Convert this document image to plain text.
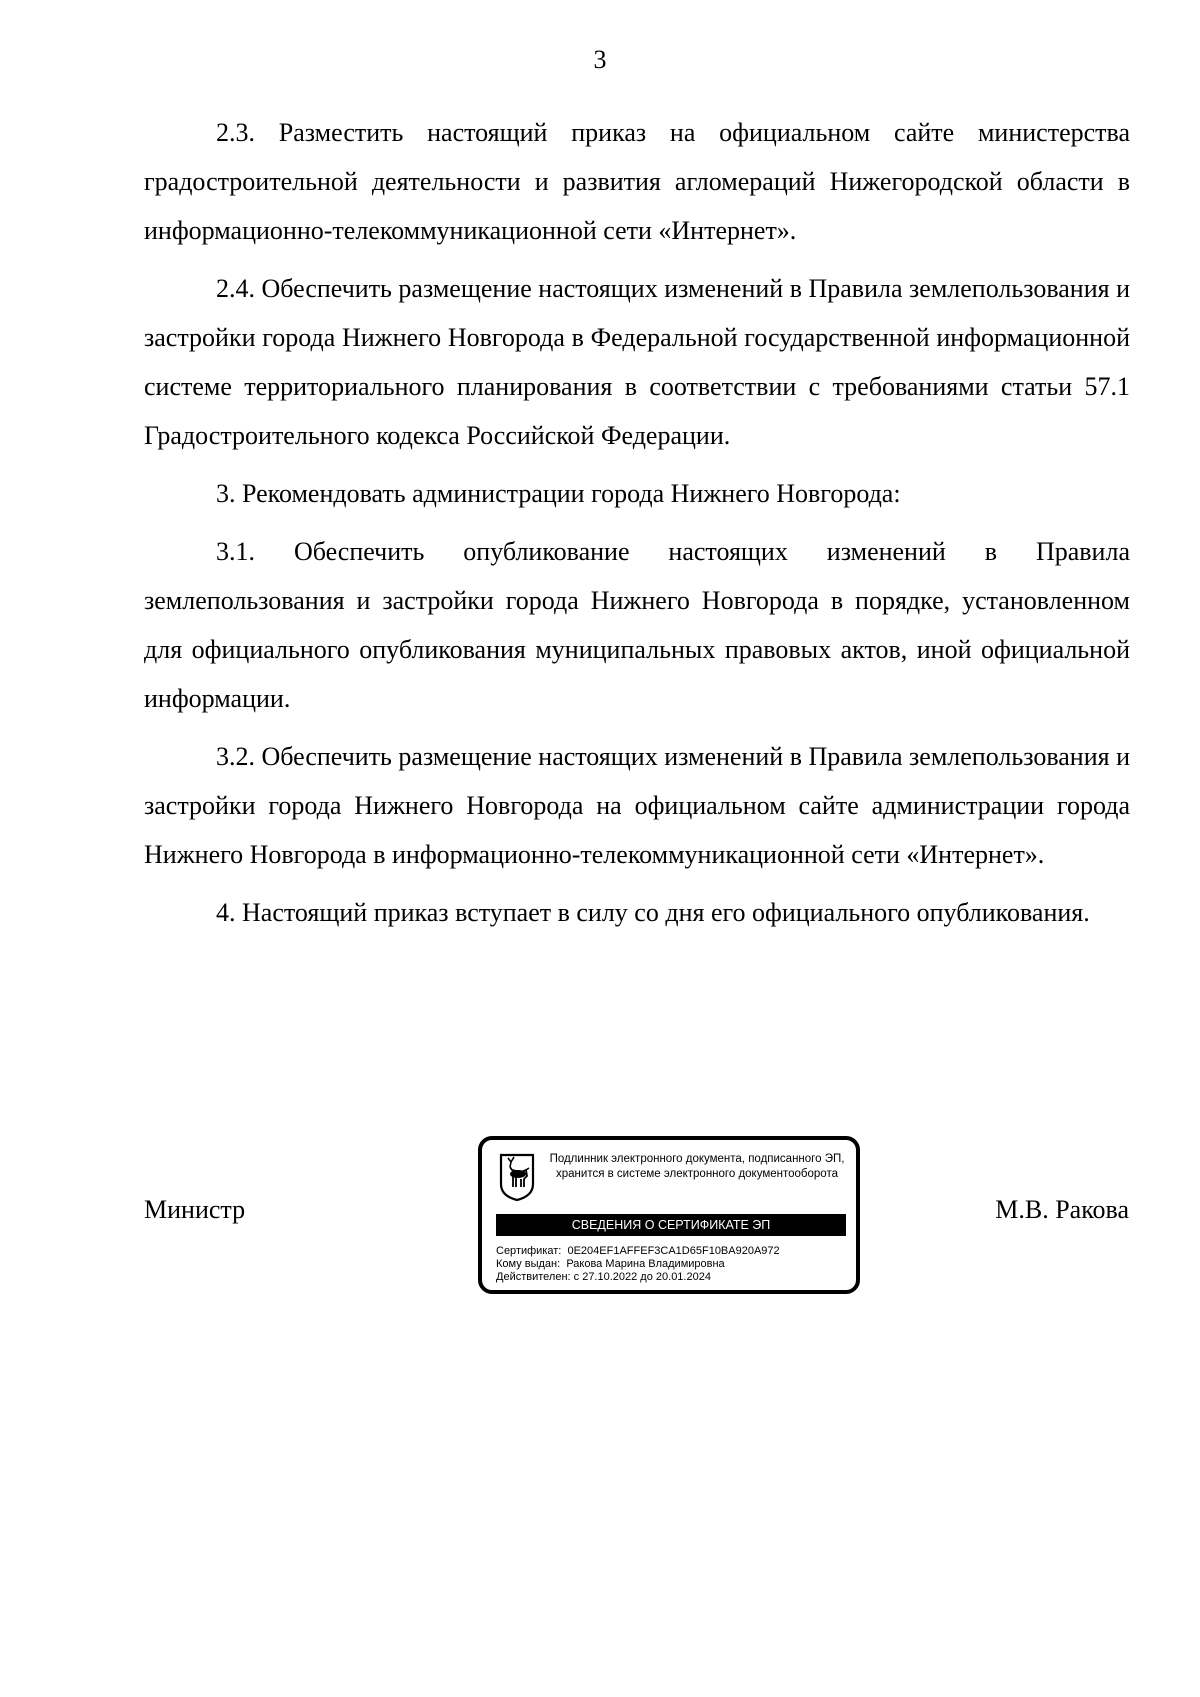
3

2.3. Разместить настоящий приказ на официальном сайте министерства градостроительной деятельности и развития агломераций Нижегородской области в информационно-телекоммуникационной сети «Интернет».

2.4. Обеспечить размещение настоящих изменений в Правила землепользования и застройки города Нижнего Новгорода в Федеральной государственной информационной системе территориального планирования в соответствии с требованиями статьи 57.1 Градостроительного кодекса Российской Федерации.

3. Рекомендовать администрации города Нижнего Новгорода:

3.1. Обеспечить опубликование настоящих изменений в Правила землепользования и застройки города Нижнего Новгорода в порядке, установленном для официального опубликования муниципальных правовых актов, иной официальной информации.

3.2. Обеспечить размещение настоящих изменений в Правила землепользования и застройки города Нижнего Новгорода на официальном сайте администрации города Нижнего Новгорода в информационно-телекоммуникационной сети «Интернет».

4. Настоящий приказ вступает в силу со дня его официального опубликования.

Министр
Подлинник электронного документа, подписанного ЭП,
хранится в системе электронного документооборота
СВЕДЕНИЯ О СЕРТИФИКАТЕ ЭП
Сертификат: 0E204EF1AFFEF3CA1D65F10BA920A972
Кому выдан: Ракова Марина Владимировна
Действителен: с 27.10.2022 до 20.01.2024
М.В. Ракова
